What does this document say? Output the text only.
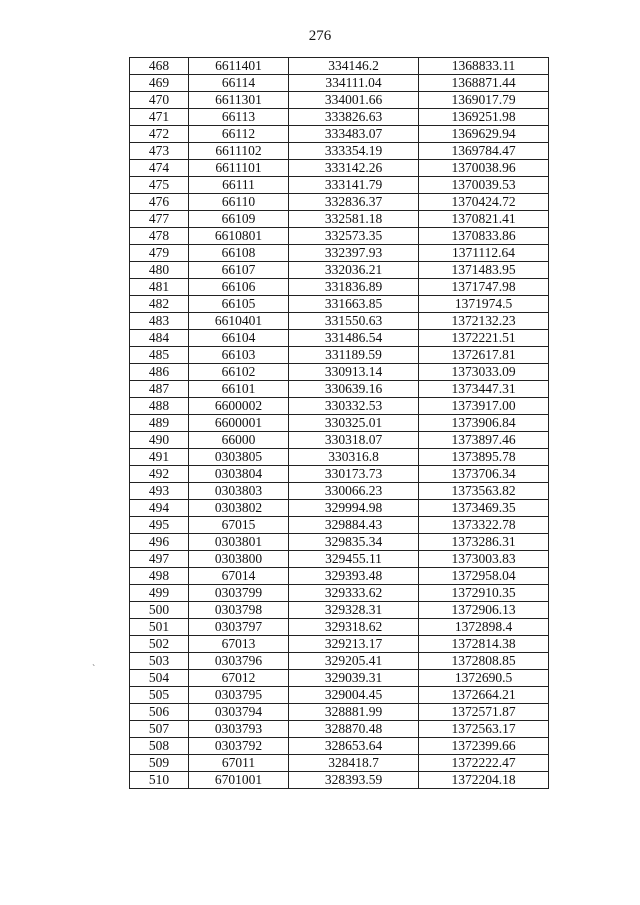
276
`
468	6611401	334146.2	1368833.11
469	66114	334111.04	1368871.44
470	6611301	334001.66	1369017.79
471	66113	333826.63	1369251.98
472	66112	333483.07	1369629.94
473	6611102	333354.19	1369784.47
474	6611101	333142.26	1370038.96
475	66111	333141.79	1370039.53
476	66110	332836.37	1370424.72
477	66109	332581.18	1370821.41
478	6610801	332573.35	1370833.86
479	66108	332397.93	1371112.64
480	66107	332036.21	1371483.95
481	66106	331836.89	1371747.98
482	66105	331663.85	1371974.5
483	6610401	331550.63	1372132.23
484	66104	331486.54	1372221.51
485	66103	331189.59	1372617.81
486	66102	330913.14	1373033.09
487	66101	330639.16	1373447.31
488	6600002	330332.53	1373917.00
489	6600001	330325.01	1373906.84
490	66000	330318.07	1373897.46
491	0303805	330316.8	1373895.78
492	0303804	330173.73	1373706.34
493	0303803	330066.23	1373563.82
494	0303802	329994.98	1373469.35
495	67015	329884.43	1373322.78
496	0303801	329835.34	1373286.31
497	0303800	329455.11	1373003.83
498	67014	329393.48	1372958.04
499	0303799	329333.62	1372910.35
500	0303798	329328.31	1372906.13
501	0303797	329318.62	1372898.4
502	67013	329213.17	1372814.38
503	0303796	329205.41	1372808.85
504	67012	329039.31	1372690.5
505	0303795	329004.45	1372664.21
506	0303794	328881.99	1372571.87
507	0303793	328870.48	1372563.17
508	0303792	328653.64	1372399.66
509	67011	328418.7	1372222.47
510	6701001	328393.59	1372204.18
